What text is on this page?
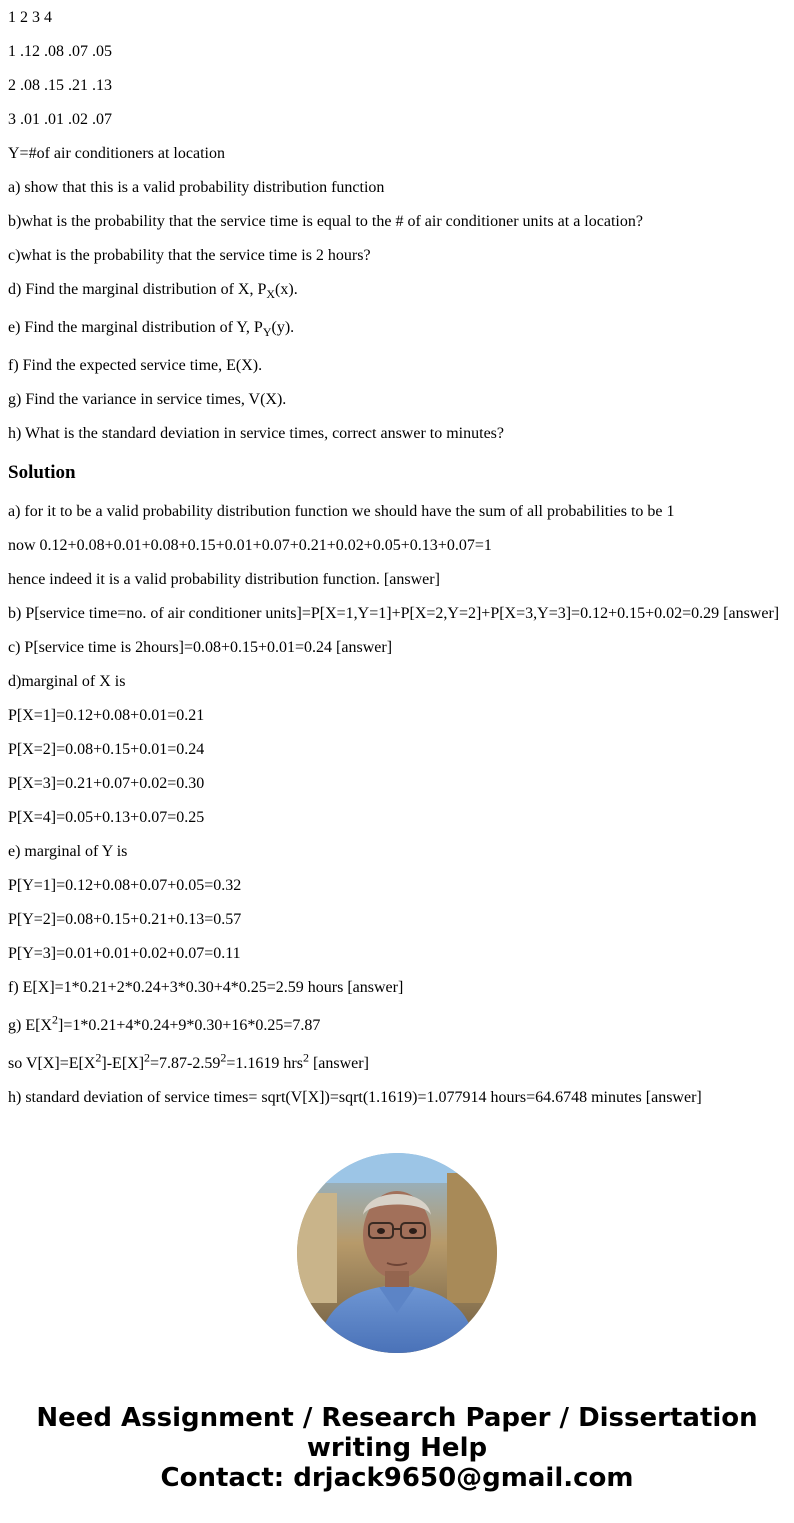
1 2 3 4

1 .12 .08 .07 .05

2 .08 .15 .21 .13

3 .01 .01 .02 .07

Y=#of air conditioners at location

a) show that this is a valid probability distribution function

b)what is the probability that the service time is equal to the # of air conditioner units at a location?

c)what is the probability that the service time is 2 hours?

d) Find the marginal distribution of X, $P_X(x)$.

e) Find the marginal distribution of Y, $P_Y(y)$.

f) Find the expected service time, E(X).

g) Find the variance in service times, V(X).

h) What is the standard deviation in service times, correct answer to minutes?

Solution

a) for it to be a valid probability distribution function we should have the sum of all probabilities to be 1

now 0.12+0.08+0.01+0.08+0.15+0.01+0.07+0.21+0.02+0.05+0.13+0.07=1

hence indeed it is a valid probability distribution function. [answer]

b) P[service time=no. of air conditioner units]=P[X=1,Y=1]+P[X=2,Y=2]+P[X=3,Y=3]=0.12+0.15+0.02=0.29 [answer]

c) P[service time is 2hours]=0.08+0.15+0.01=0.24 [answer]

d)marginal of X is

P[X=1]=0.12+0.08+0.01=0.21

P[X=2]=0.08+0.15+0.01=0.24

P[X=3]=0.21+0.07+0.02=0.30

P[X=4]=0.05+0.13+0.07=0.25

e) marginal of Y is

P[Y=1]=0.12+0.08+0.07+0.05=0.32

P[Y=2]=0.08+0.15+0.21+0.13=0.57

P[Y=3]=0.01+0.01+0.02+0.07=0.11

f) E[X]=1*0.21+2*0.24+3*0.30+4*0.25=2.59 hours [answer]

g) $E[X^2]=1*0.21+4*0.24+9*0.30+16*0.25=7.87$

so $V[X]=E[X^2]-E[X]^2=7.87-2.59^2=1.1619$ hrs$^2$ [answer]

h) standard deviation of service times= sqrt(V[X])=sqrt(1.1619)=1.077914 hours=64.6748 minutes [answer]

Need Assignment / Research Paper / Dissertation
writing Help
Contact: drjack9650@gmail.com
